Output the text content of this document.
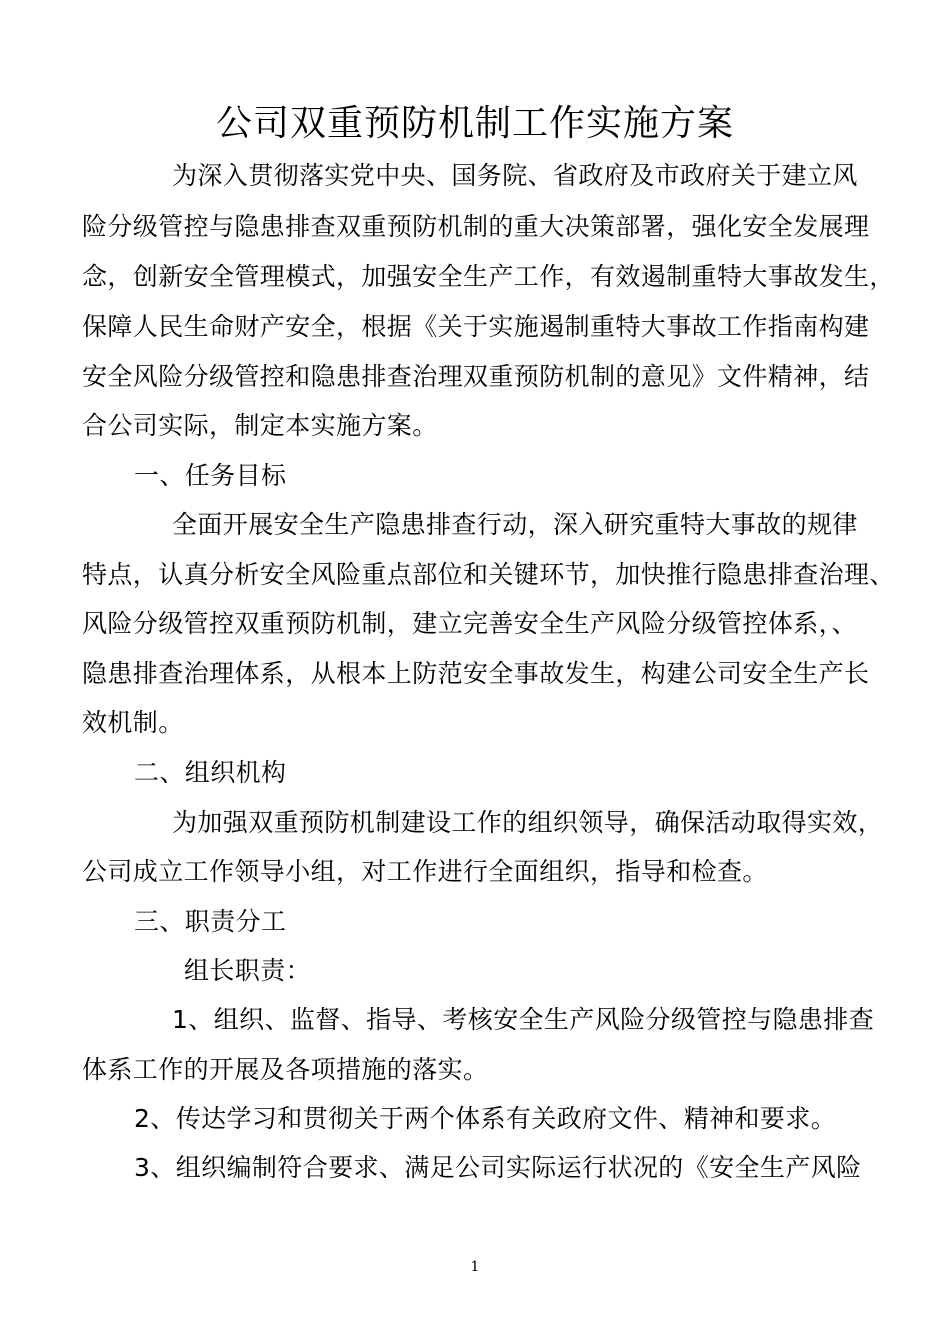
公司双重预防机制工作实施方案
为深入贯彻落实党中央、国务院、省政府及市政府关于建立风
险分级管控与隐患排查双重预防机制的重大决策部署，强化安全发展理
念，创新安全管理模式，加强安全生产工作，有效遏制重特大事故发生，
保障人民生命财产安全，根据《关于实施遏制重特大事故工作指南构建
安全风险分级管控和隐患排查治理双重预防机制的意见》文件精神，结
合公司实际，制定本实施方案。
一、任务目标
全面开展安全生产隐患排查行动，深入研究重特大事故的规律
特点，认真分析安全风险重点部位和关键环节，加快推行隐患排查治理、
风险分级管控双重预防机制，建立完善安全生产风险分级管控体系，、
隐患排查治理体系，从根本上防范安全事故发生，构建公司安全生产长
效机制。
二、组织机构
为加强双重预防机制建设工作的组织领导，确保活动取得实效，
公司成立工作领导小组，对工作进行全面组织，指导和检查。
三、职责分工
组长职责：
1、组织、监督、指导、考核安全生产风险分级管控与隐患排查
体系工作的开展及各项措施的落实。
2、传达学习和贯彻关于两个体系有关政府文件、精神和要求。
3、组织编制符合要求、满足公司实际运行状况的《安全生产风险
1
